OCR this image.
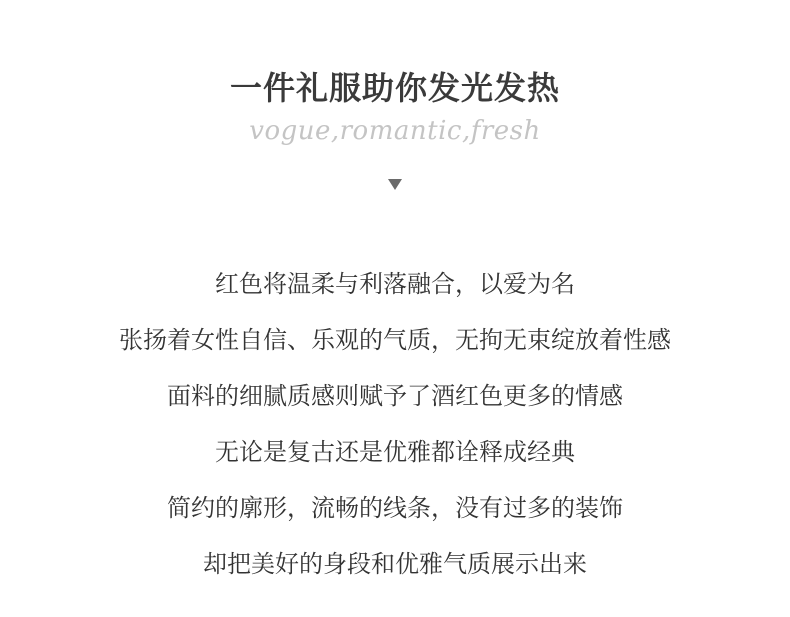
一件礼服助你发光发热
vogue,romantic,fresh
红色将温柔与利落融合，以爱为名
张扬着女性自信、乐观的气质，无拘无束绽放着性感
面料的细腻质感则赋予了酒红色更多的情感
无论是复古还是优雅都诠释成经典
简约的廓形，流畅的线条，没有过多的装饰
却把美好的身段和优雅气质展示出来
